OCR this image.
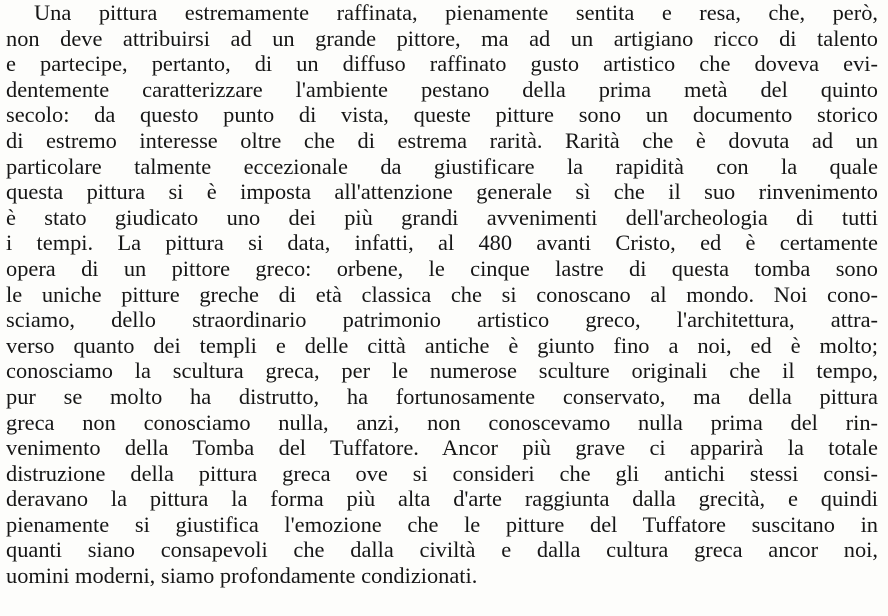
Una pittura estremamente raffinata, pienamente sentita e resa, che, però,
non deve attribuirsi ad un grande pittore, ma ad un artigiano ricco di talento
e partecipe, pertanto, di un diffuso raffinato gusto artistico che doveva evi-
dentemente caratterizzare l'ambiente pestano della prima metà del quinto
secolo: da questo punto di vista, queste pitture sono un documento storico
di estremo interesse oltre che di estrema rarità. Rarità che è dovuta ad un
particolare talmente eccezionale da giustificare la rapidità con la quale
questa pittura si è imposta all'attenzione generale sì che il suo rinvenimento
è stato giudicato uno dei più grandi avvenimenti dell'archeologia di tutti
i tempi. La pittura si data, infatti, al 480 avanti Cristo, ed è certamente
opera di un pittore greco: orbene, le cinque lastre di questa tomba sono
le uniche pitture greche di età classica che si conoscano al mondo. Noi cono-
sciamo, dello straordinario patrimonio artistico greco, l'architettura, attra-
verso quanto dei templi e delle città antiche è giunto fino a noi, ed è molto;
conosciamo la scultura greca, per le numerose sculture originali che il tempo,
pur se molto ha distrutto, ha fortunosamente conservato, ma della pittura
greca non conosciamo nulla, anzi, non conoscevamo nulla prima del rin-
venimento della Tomba del Tuffatore. Ancor più grave ci apparirà la totale
distruzione della pittura greca ove si consideri che gli antichi stessi consi-
deravano la pittura la forma più alta d'arte raggiunta dalla grecità, e quindi
pienamente si giustifica l'emozione che le pitture del Tuffatore suscitano in
quanti siano consapevoli che dalla civiltà e dalla cultura greca ancor noi,
uomini moderni, siamo profondamente condizionati.
